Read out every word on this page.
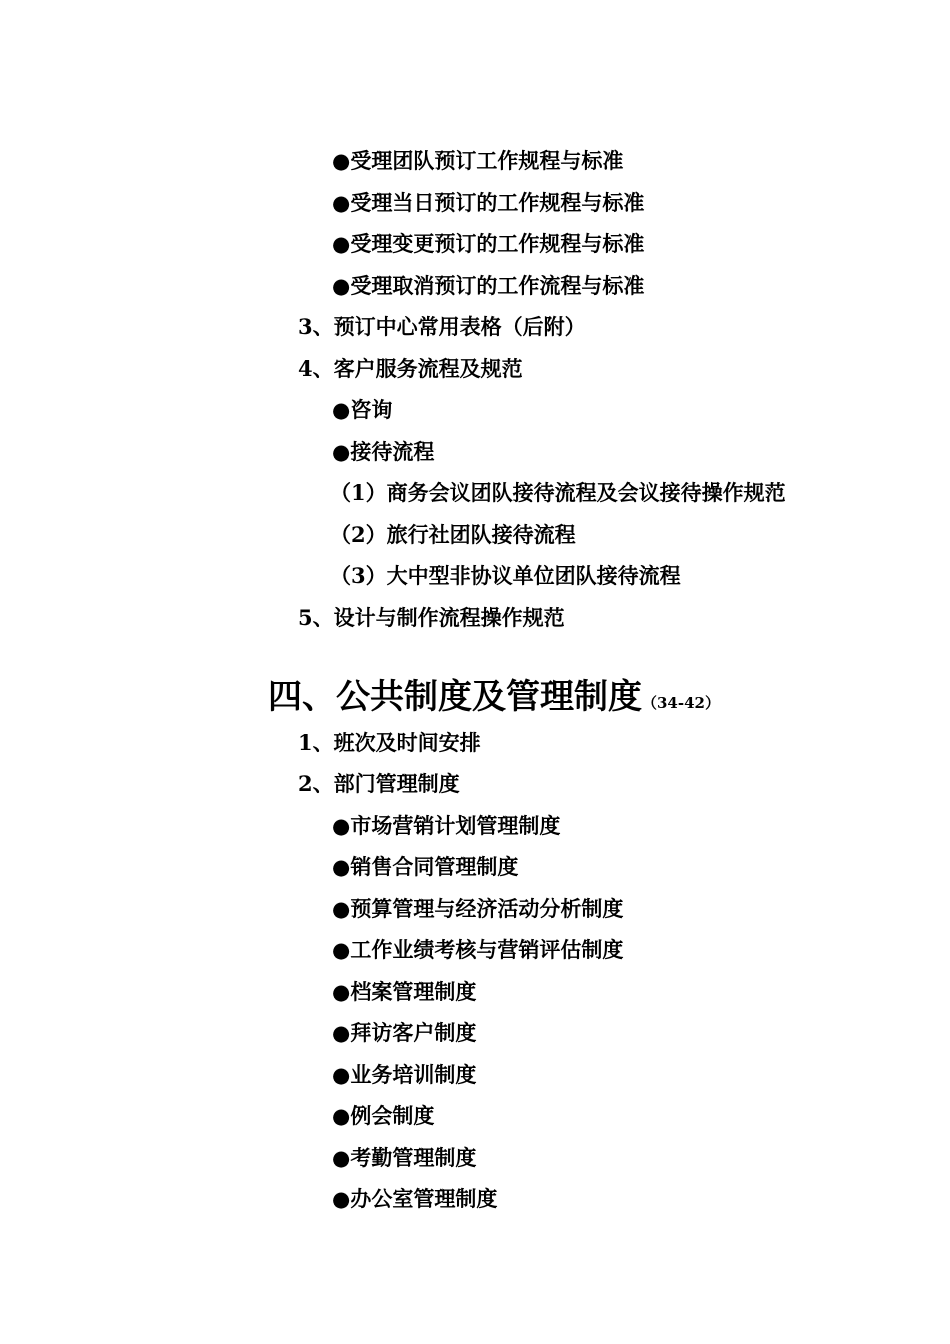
●受理团队预订工作规程与标准
●受理当日预订的工作规程与标准
●受理变更预订的工作规程与标准
●受理取消预订的工作流程与标准
3、预订中心常用表格（后附）
4、客户服务流程及规范
●咨询
●接待流程
（1）商务会议团队接待流程及会议接待操作规范
（2）旅行社团队接待流程
（3）大中型非协议单位团队接待流程
5、设计与制作流程操作规范
四、公共制度及管理制度（34-42）
1、班次及时间安排
2、部门管理制度
●市场营销计划管理制度
●销售合同管理制度
●预算管理与经济活动分析制度
●工作业绩考核与营销评估制度
●档案管理制度
●拜访客户制度
●业务培训制度
●例会制度
●考勤管理制度
●办公室管理制度
